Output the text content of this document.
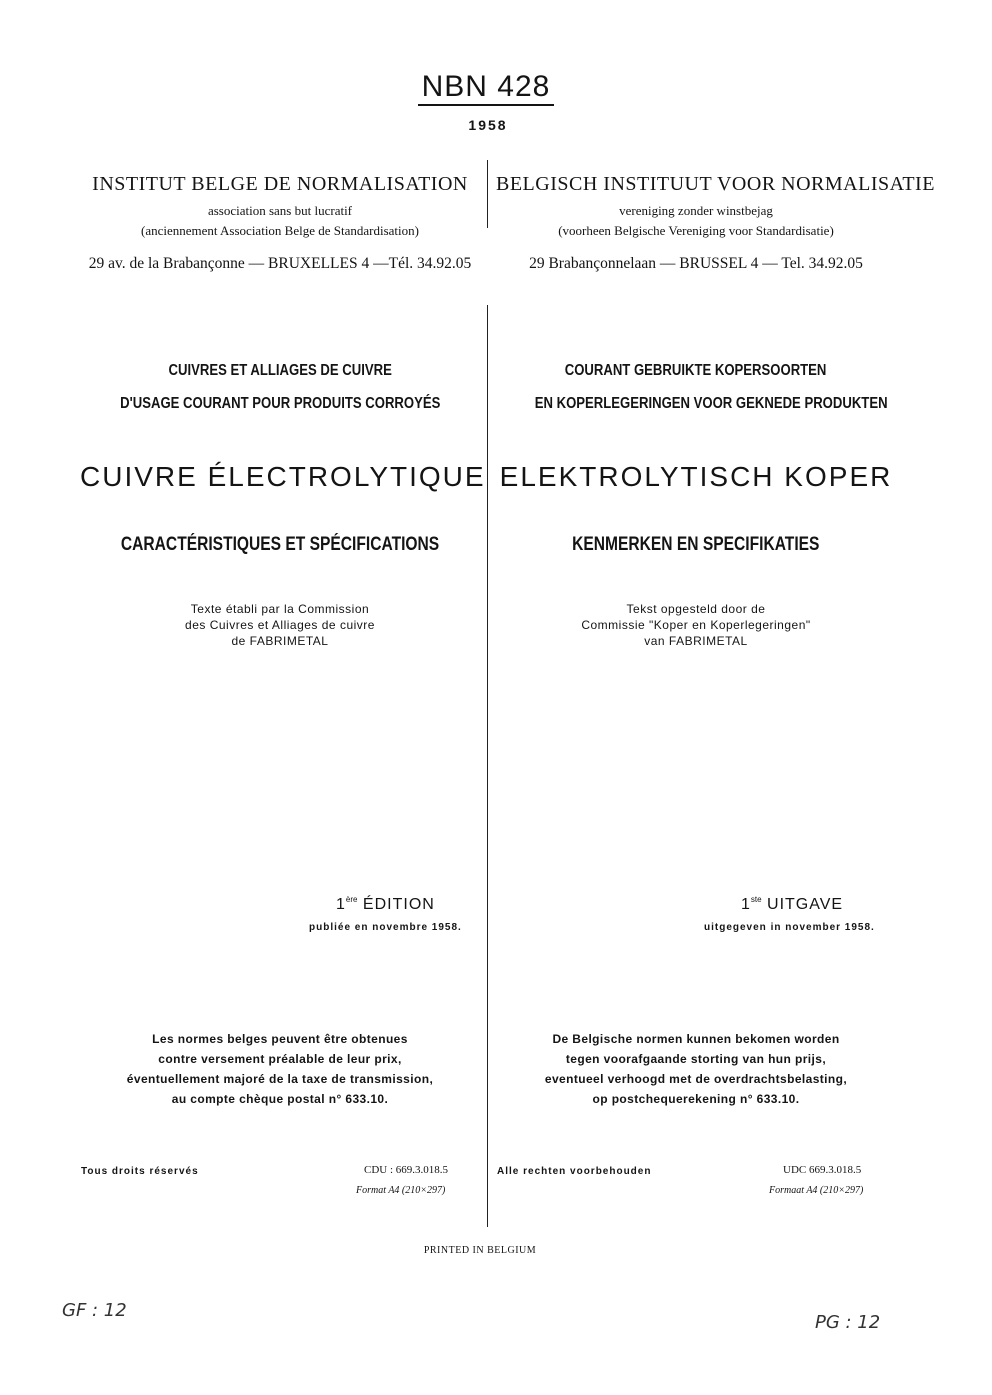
NBN 428
1958
INSTITUT BELGE DE NORMALISATION
association sans but lucratif
(anciennement Association Belge de Standardisation)
29 av. de la Brabançonne — BRUXELLES 4 —Tél. 34.92.05
CUIVRES ET ALLIAGES DE CUIVRE
D'USAGE COURANT POUR PRODUITS CORROYÉS
CUIVRE ÉLECTROLYTIQUE
CARACTÉRISTIQUES ET SPÉCIFICATIONS
Texte établi par la Commission
des Cuivres et Alliages de cuivre
de FABRIMETAL
1ère ÉDITION
publiée en novembre 1958.
Les normes belges peuvent être obtenues
contre versement préalable de leur prix,
éventuellement majoré de la taxe de transmission,
au compte chèque postal n° 633.10.
Tous droits réservés	CDU : 669.3.018.5
Format A4 (210×297)
BELGISCH INSTITUUT VOOR NORMALISATIE
vereniging zonder winstbejag
(voorheen Belgische Vereniging voor Standardisatie)
29 Brabançonnelaan — BRUSSEL 4 — Tel. 34.92.05
COURANT GEBRUIKTE KOPERSOORTEN
EN KOPERLEGERINGEN VOOR GEKNEDE PRODUKTEN
ELEKTROLYTISCH KOPER
KENMERKEN EN SPECIFIKATIES
Tekst opgesteld door de
Commissie "Koper en Koperlegeringen"
van FABRIMETAL
1ste UITGAVE
uitgegeven in november 1958.
De Belgische normen kunnen bekomen worden
tegen voorafgaande storting van hun prijs,
eventueel verhoogd met de overdrachtsbelasting,
op postchequerekening n° 633.10.
Alle rechten voorbehouden	UDC 669.3.018.5
Formaat A4 (210×297)
PRINTED IN BELGIUM
GF : 12
PG : 12
